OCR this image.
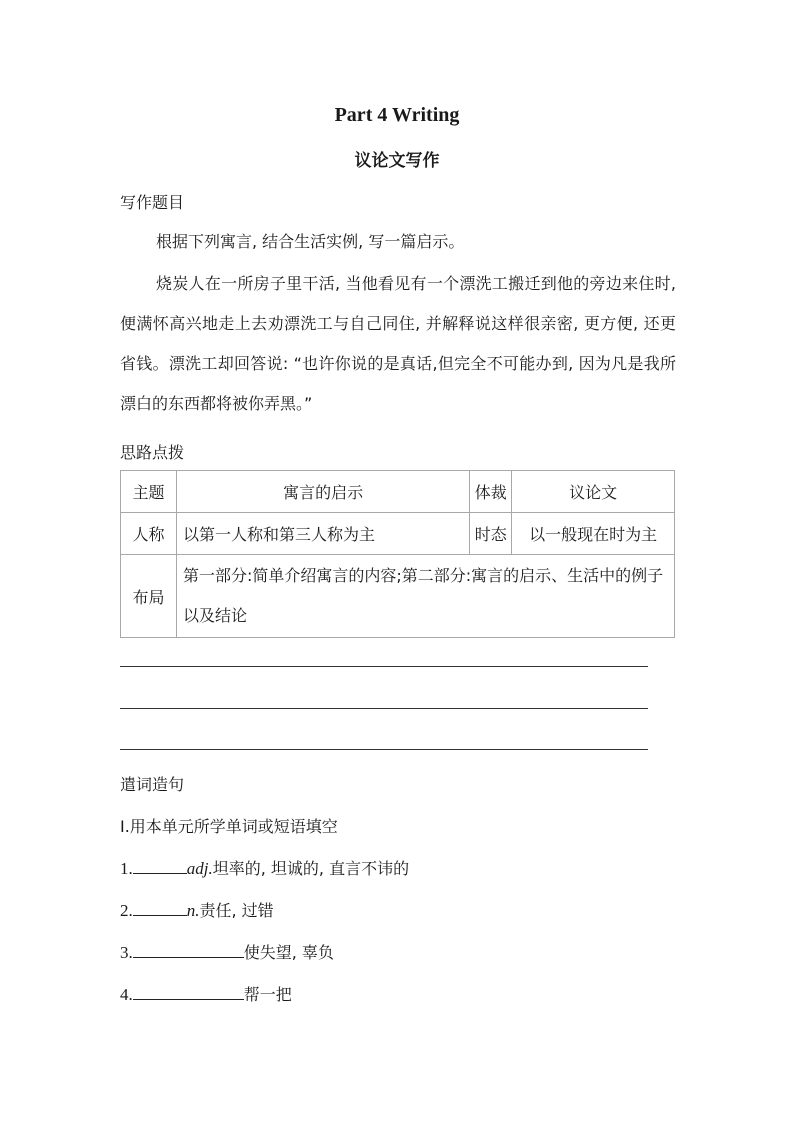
Part 4 Writing
议论文写作
写作题目
根据下列寓言, 结合生活实例, 写一篇启示。
烧炭人在一所房子里干活, 当他看见有一个漂洗工搬迁到他的旁边来住时, 便满怀高兴地走上去劝漂洗工与自己同住, 并解释说这样很亲密, 更方便, 还更省钱。漂洗工却回答说: “也许你说的是真话,但完全不可能办到, 因为凡是我所漂白的东西都将被你弄黑。”
思路点拨
主题	寓言的启示	体裁	议论文
人称	以第一人称和第三人称为主	时态	以一般现在时为主
布局	第一部分:简单介绍寓言的内容;第二部分:寓言的启示、生活中的例子以及结论		
遣词造句
Ⅰ.用本单元所学单词或短语填空
1.	adj.坦率的, 坦诚的, 直言不讳的
2.	n.责任, 过错
3.	使失望, 辜负
4.	帮一把
